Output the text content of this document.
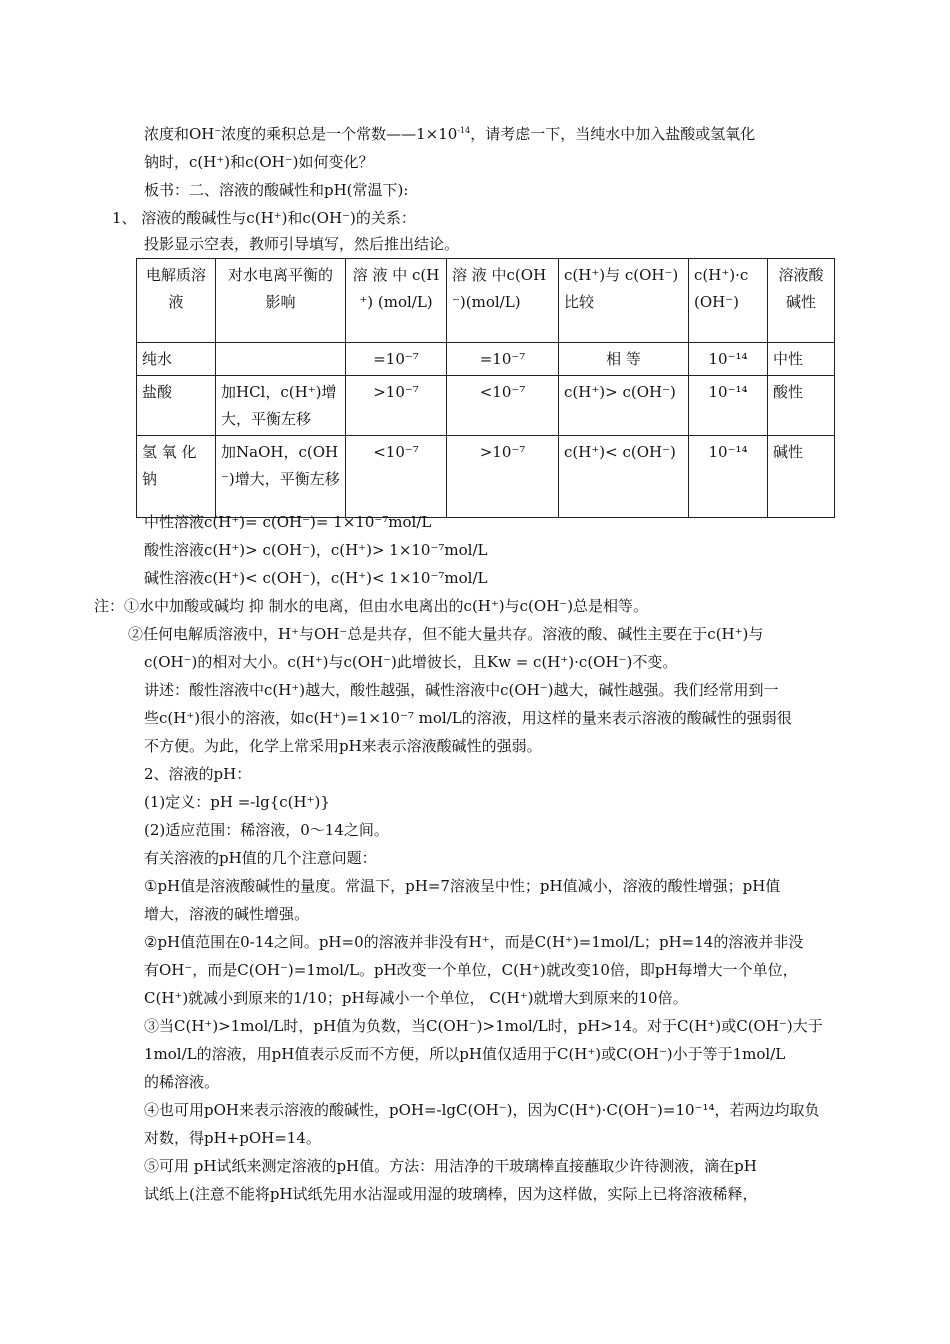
浓度和OH−浓度的乘积总是一个常数$——1\times 10^{-14}$，请考虑一下，当纯水中加入盐酸或氢氧化
钠时，c(H⁺)和c(OH⁻)如何变化？
板书：二、溶液的酸碱性和pH(常温下):
1、 溶液的酸碱性与c(H⁺)和c(OH⁻)的关系：
投影显示空表，教师引导填写，然后推出结论。
电解质溶液	对水电离平衡的影响	溶 液 中 c(H⁺) (mol/L)	溶 液 中c(OH⁻)(mol/L)	c(H⁺)与 c(OH⁻)比较	c(H⁺)·c(OH⁻)	溶液酸碱性
纯水		=10⁻⁷	=10⁻⁷	相 等	10⁻¹⁴	中性
盐酸	加HCl，c(H⁺)增大，平衡左移	>10⁻⁷	<10⁻⁷	c(H⁺)> c(OH⁻)	10⁻¹⁴	酸性
氢 氧 化 钠	加NaOH，c(OH⁻)增大，平衡左移	<10⁻⁷	>10⁻⁷	c(H⁺)< c(OH⁻)	10⁻¹⁴	碱性
中性溶液c(H⁺)= c(OH⁻)= 1×10⁻⁷mol/L
酸性溶液c(H⁺)> c(OH⁻)，c(H⁺)> 1×10⁻⁷mol/L
碱性溶液c(H⁺)< c(OH⁻)，c(H⁺)< 1×10⁻⁷mol/L
注：①水中加酸或碱均 抑 制水的电离，但由水电离出的c(H⁺)与c(OH⁻)总是相等。
②任何电解质溶液中，H⁺与OH⁻总是共存，但不能大量共存。溶液的酸、碱性主要在于c(H⁺)与
c(OH⁻)的相对大小。c(H⁺)与c(OH⁻)此增彼长，且Kw = c(H⁺)·c(OH⁻)不变。
讲述：酸性溶液中c(H⁺)越大，酸性越强，碱性溶液中c(OH⁻)越大，碱性越强。我们经常用到一
些c(H⁺)很小的溶液，如c(H⁺)=1×10⁻⁷ mol/L的溶液，用这样的量来表示溶液的酸碱性的强弱很
不方便。为此，化学上常采用pH来表示溶液酸碱性的强弱。
2、溶液的pH：
(1)定义：pH =-lg{c(H⁺)}
(2)适应范围：稀溶液，0～14之间。
有关溶液的pH值的几个注意问题：
①pH值是溶液酸碱性的量度。常温下，pH=7溶液呈中性；pH值减小，溶液的酸性增强；pH值
增大，溶液的碱性增强。
②pH值范围在0-14之间。pH=0的溶液并非没有H⁺，而是C(H⁺)=1mol/L；pH=14的溶液并非没
有OH⁻，而是C(OH⁻)=1mol/L。pH改变一个单位，C(H⁺)就改变10倍，即pH每增大一个单位，
C(H⁺)就减小到原来的1/10；pH每减小一个单位， C(H⁺)就增大到原来的10倍。
③当C(H⁺)>1mol/L时，pH值为负数，当C(OH⁻)>1mol/L时，pH>14。对于C(H⁺)或C(OH⁻)大于
1mol/L的溶液，用pH值表示反而不方便，所以pH值仅适用于C(H⁺)或C(OH⁻)小于等于1mol/L
的稀溶液。
④也可用pOH来表示溶液的酸碱性，pOH=-lgC(OH⁻)，因为C(H⁺)·C(OH⁻)=10⁻¹⁴，若两边均取负
对数，得pH+pOH=14。
⑤可用 pH试纸来测定溶液的pH值。方法：用洁净的干玻璃棒直接蘸取少许待测液，滴在pH
试纸上(注意不能将pH试纸先用水沾湿或用湿的玻璃棒，因为这样做，实际上已将溶液稀释，
